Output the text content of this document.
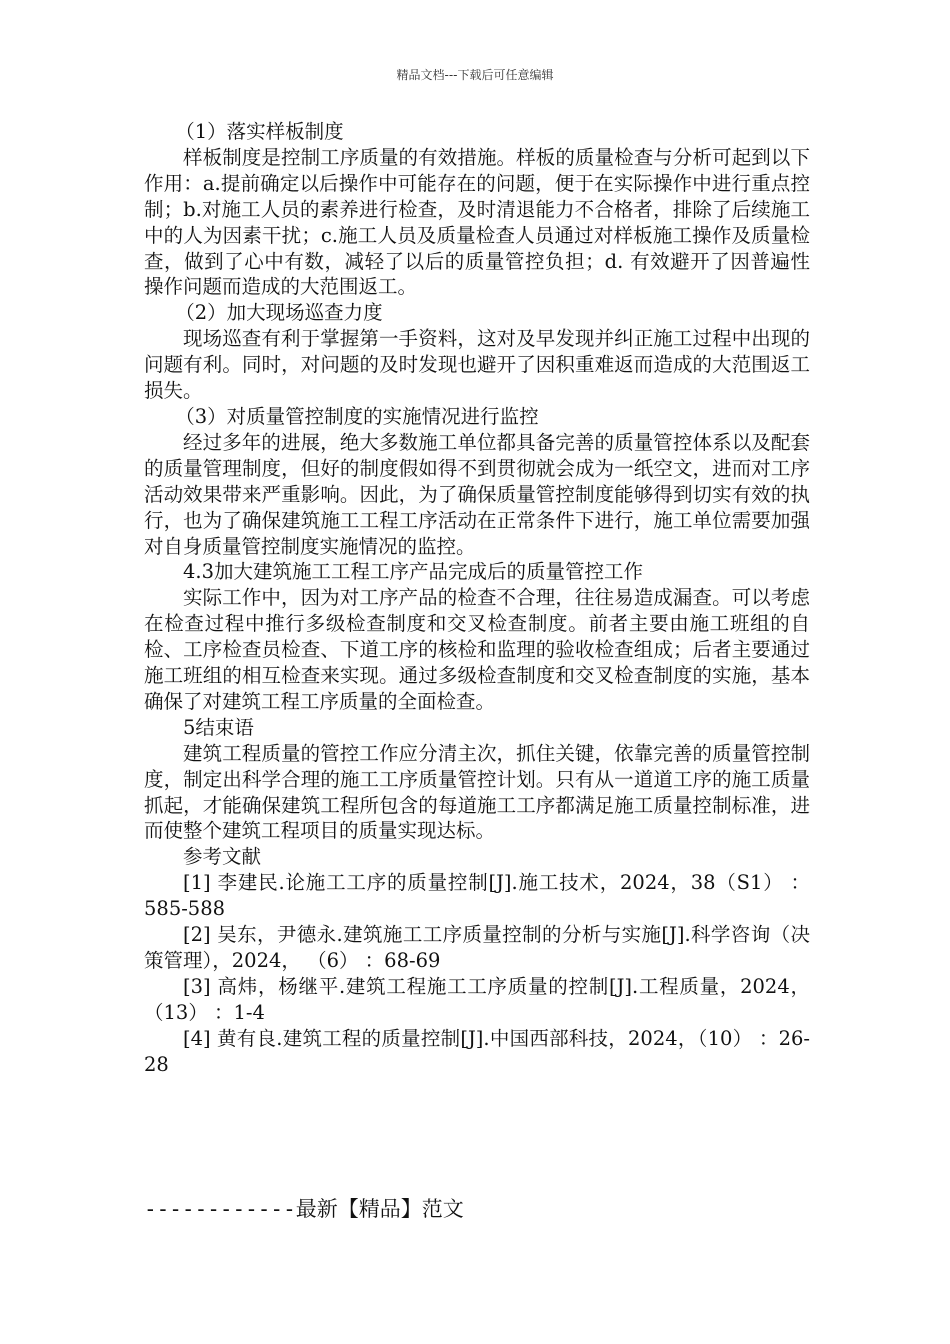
精品文档---下载后可任意编辑

（1）落实样板制度

样板制度是控制工序质量的有效措施。样板的质量检查与分析可起到以下作用：a.提前确定以后操作中可能存在的问题，便于在实际操作中进行重点控制；b.对施工人员的素养进行检查，及时清退能力不合格者，排除了后续施工中的人为因素干扰；c.施工人员及质量检查人员通过对样板施工操作及质量检查，做到了心中有数，减轻了以后的质量管控负担；d. 有效避开了因普遍性操作问题而造成的大范围返工。

（2）加大现场巡查力度

现场巡查有利于掌握第一手资料，这对及早发现并纠正施工过程中出现的问题有利。同时，对问题的及时发现也避开了因积重难返而造成的大范围返工损失。

（3）对质量管控制度的实施情况进行监控

经过多年的进展，绝大多数施工单位都具备完善的质量管控体系以及配套的质量管理制度，但好的制度假如得不到贯彻就会成为一纸空文，进而对工序活动效果带来严重影响。因此，为了确保质量管控制度能够得到切实有效的执行，也为了确保建筑施工工程工序活动在正常条件下进行，施工单位需要加强对自身质量管控制度实施情况的监控。

4.3加大建筑施工工程工序产品完成后的质量管控工作

实际工作中，因为对工序产品的检查不合理，往往易造成漏查。可以考虑在检查过程中推行多级检查制度和交叉检查制度。前者主要由施工班组的自检、工序检查员检查、下道工序的核检和监理的验收检查组成；后者主要通过施工班组的相互检查来实现。通过多级检查制度和交叉检查制度的实施，基本确保了对建筑工程工序质量的全面检查。

5结束语

建筑工程质量的管控工作应分清主次，抓住关键，依靠完善的质量管控制度，制定出科学合理的施工工序质量管控计划。只有从一道道工序的施工质量抓起，才能确保建筑工程所包含的每道施工工序都满足施工质量控制标准，进而使整个建筑工程项目的质量实现达标。

参考文献

[1] 李建民.论施工工序的质量控制[J].施工技术，2024，38（S1） ：585-588

[2] 吴东，尹德永.建筑施工工序质量控制的分析与实施[J].科学咨询（决策管理），2024， （6） ：68-69

[3] 高炜，杨继平.建筑工程施工工序质量的控制[J].工程质量，2024， （13） ：1-4

[4] 黄有良.建筑工程的质量控制[J].中国西部科技，2024，（10） ：26-28

------------最新【精品】范文
